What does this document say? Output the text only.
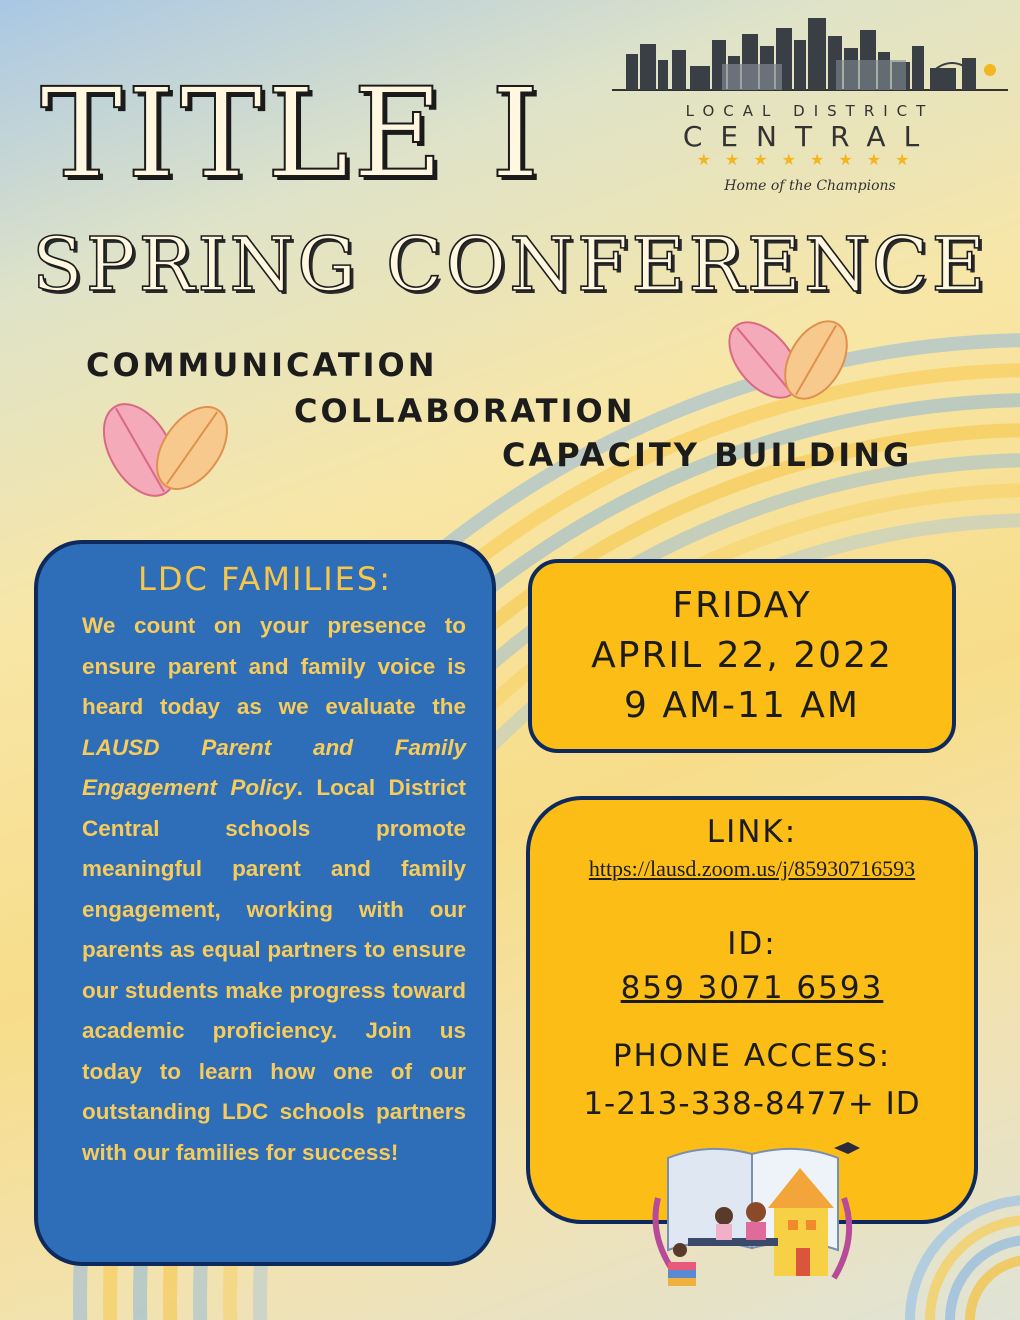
TITLE I
SPRING CONFERENCE
LOCAL DISTRICT
CENTRAL
★★★★★★★★
Home of the Champions
COMMUNICATION
COLLABORATION
CAPACITY BUILDING
LDC FAMILIES:
We count on your presence to ensure parent and family voice is heard today as we evaluate the LAUSD Parent and Family Engagement Policy. Local District Central schools promote meaningful parent and family engagement, working with our parents as equal partners to ensure our students make progress toward academic proficiency. Join us today to learn how one of our outstanding LDC schools partners with our families for success!
FRIDAY
APRIL 22, 2022
9 AM-11 AM
LINK:
https://lausd.zoom.us/j/85930716593
ID:
859 3071 6593
PHONE ACCESS:
1-213-338-8477+ ID
